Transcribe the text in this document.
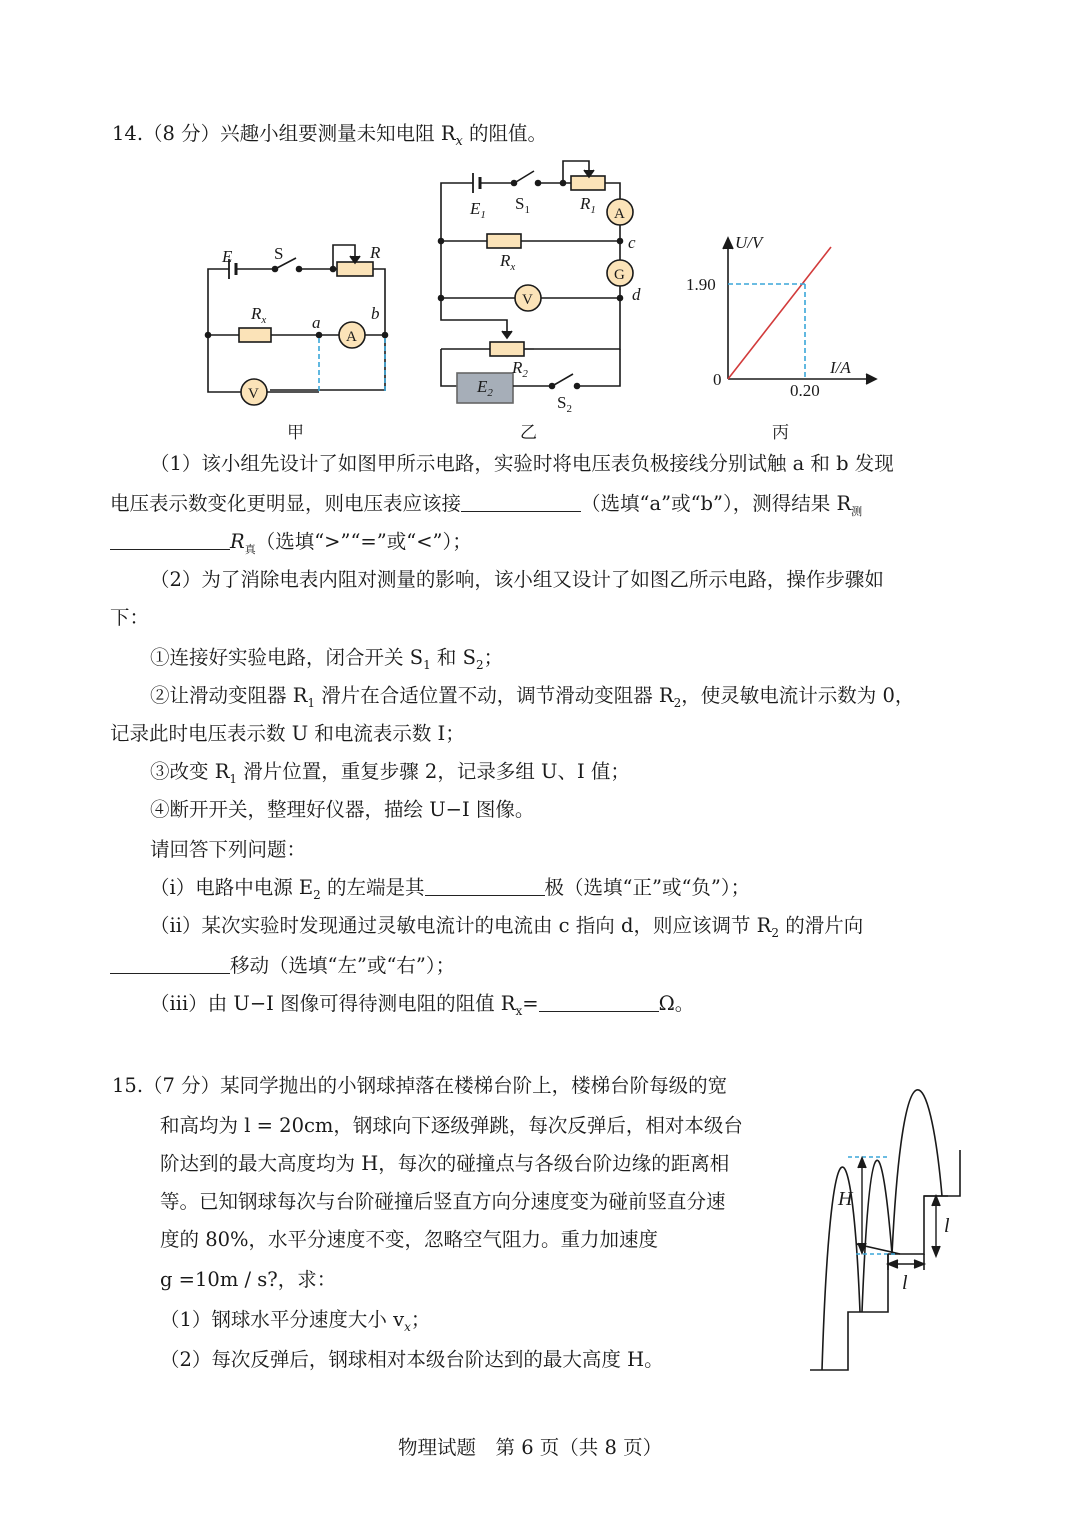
14.（8 分）兴趣小组要测量未知电阻 $R_x$ 的阻值。
E S	R
$R_x$	a	b
A
V
甲
$E_1$
$S_1$	$R_1$ A
c
G
$R_x$
V	d
$R_2$
$E_2$	$S_2$
乙
U/V
I/A
0
1.90
0.20
丙
H
l
l
（1）该小组先设计了如图甲所示电路，实验时将电压表负极接线分别试触 a 和 b 发现
电压表示数变化更明显，则电压表应该接	（选填“a”或“b”），测得结果 $R_测$
$R_真$（选填“>”“=”或“<”）；
（2）为了消除电表内阻对测量的影响，该小组又设计了如图乙所示电路，操作步骤如
下：
①连接好实验电路，闭合开关 $S_1$ 和 $S_2$；
②让滑动变阻器 $R_1$ 滑片在合适位置不动，调节滑动变阻器 $R_2$，使灵敏电流计示数为 0，
记录此时电压表示数 U 和电流表示数 I；
③改变 $R_1$ 滑片位置，重复步骤 2，记录多组 U、I 值；
④断开开关，整理好仪器，描绘 U−I 图像。
请回答下列问题：
（i）电路中电源 $E_2$ 的左端是其	极（选填“正”或“负”）；
（ii）某次实验时发现通过灵敏电流计的电流由 c 指向 d，则应该调节 $R_2$ 的滑片向
移动（选填“左”或“右”）；
（iii）由 U−I 图像可得待测电阻的阻值 $R_x=$	Ω。
15.（7 分）某同学抛出的小钢球掉落在楼梯台阶上，楼梯台阶每级的宽
和高均为 l = 20cm，钢球向下逐级弹跳，每次反弹后，相对本级台
阶达到的最大高度均为 H，每次的碰撞点与各级台阶边缘的距离相
等。已知钢球每次与台阶碰撞后竖直方向分速度变为碰前竖直分速
度的 80%，水平分速度不变，忽略空气阻力。重力加速度
g =10m / s?，求：
（1）钢球水平分速度大小 $v_x$；
（2）每次反弹后，钢球相对本级台阶达到的最大高度 H。
物理试题　第 6 页（共 8 页）
